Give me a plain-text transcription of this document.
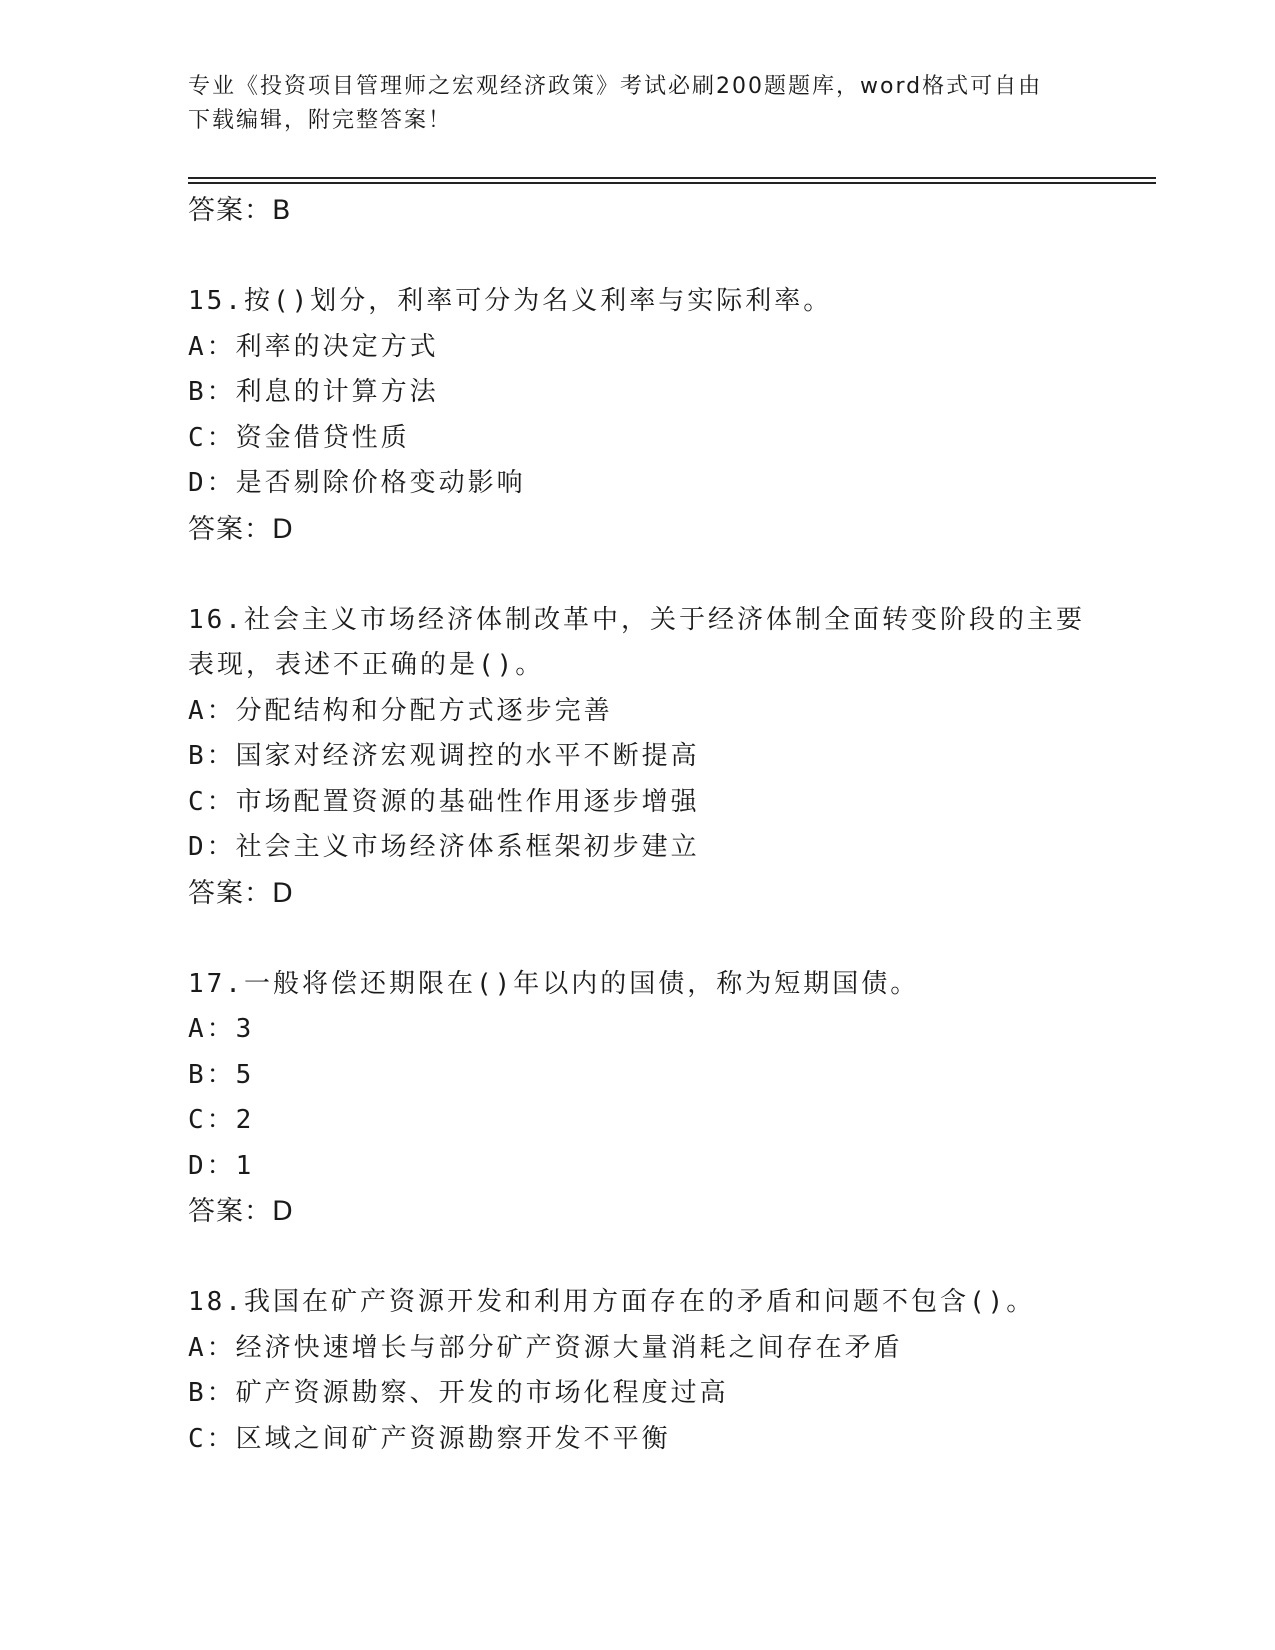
专业《投资项目管理师之宏观经济政策》考试必刷200题题库，word格式可自由
下载编辑，附完整答案！
答案：B
15.按()划分，利率可分为名义利率与实际利率。
A：利率的决定方式
B：利息的计算方法
C：资金借贷性质
D：是否剔除价格变动影响
答案：D
16.社会主义市场经济体制改革中，关于经济体制全面转变阶段的主要
表现，表述不正确的是()。
A：分配结构和分配方式逐步完善
B：国家对经济宏观调控的水平不断提高
C：市场配置资源的基础性作用逐步增强
D：社会主义市场经济体系框架初步建立
答案：D
17.一般将偿还期限在()年以内的国债，称为短期国债。
A：3
B：5
C：2
D：1
答案：D
18.我国在矿产资源开发和利用方面存在的矛盾和问题不包含()。
A：经济快速增长与部分矿产资源大量消耗之间存在矛盾
B：矿产资源勘察、开发的市场化程度过高
C：区域之间矿产资源勘察开发不平衡
